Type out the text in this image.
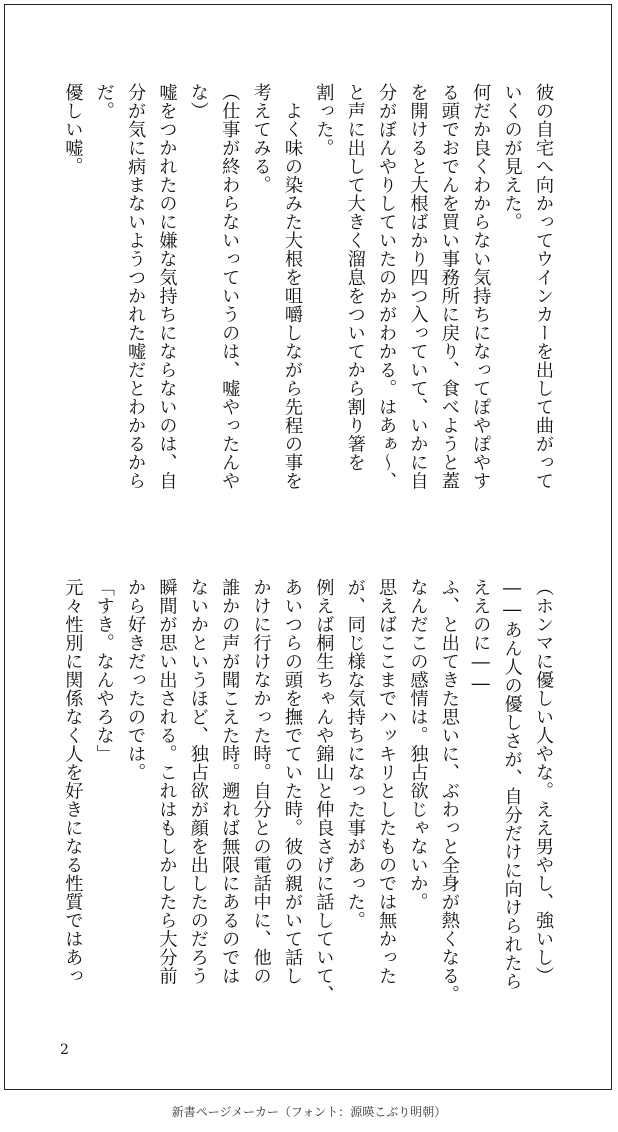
彼の自宅へ向かってウインカーを出して曲がって
いくのが見えた。
何だか良くわからない気持ちになってぽやぽやす
る頭でおでんを買い事務所に戻り、食べようと蓋
を開けると大根ばかり四つ入っていて、いかに自
分がぼんやりしていたのかがわかる。はあぁ〜、
と声に出して大きく溜息をついてから割り箸を
割った。
　よく味の染みた大根を咀嚼しながら先程の事を
考えてみる。
（仕事が終わらないっていうのは、嘘やったんや
な）
嘘をつかれたのに嫌な気持ちにならないのは、自
分が気に病まないようつかれた嘘だとわかるから
だ。
優しい嘘。
（ホンマに優しい人やな。ええ男やし、強いし）
――あん人の優しさが、自分だけに向けられたら
ええのに――
ふ、と出てきた思いに、ぶわっと全身が熱くなる。
なんだこの感情は。独占欲じゃないか。
思えばここまでハッキリとしたものでは無かった
が、同じ様な気持ちになった事があった。
例えば桐生ちゃんや錦山と仲良さげに話していて、
あいつらの頭を撫でていた時。彼の親がいて話し
かけに行けなかった時。自分との電話中に、他の
誰かの声が聞こえた時。遡れば無限にあるのでは
ないかというほど、独占欲が顔を出したのだろう
瞬間が思い出される。これはもしかしたら大分前
から好きだったのでは。
「すき。なんやろな」
元々性別に関係なく人を好きになる性質ではあっ
2
新書ページメーカー（フォント：源暎こぶり明朝）
